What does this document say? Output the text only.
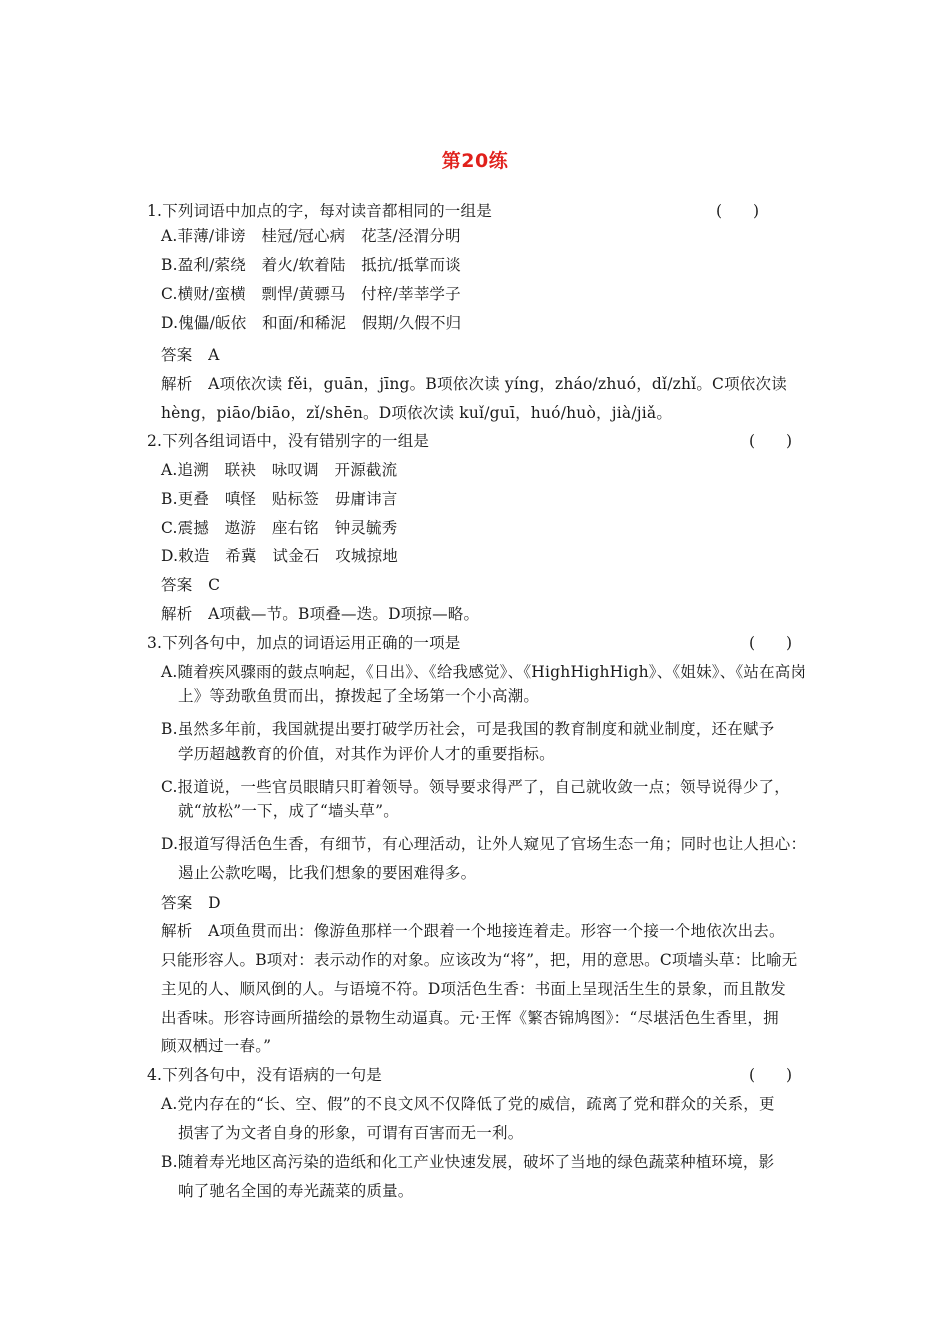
第20练
1.下列词语中加点的字，每对读音都相同的一组是
A.菲薄/诽谤　桂冠/冠心病　花茎/泾渭分明
B.盈利/萦绕　着火/软着陆　抵抗/抵掌而谈
C.横财/蛮横　剽悍/黄骠马　付梓/莘莘学子
D.傀儡/皈依　和面/和稀泥　假期/久假不归
答案　A
解析　A项依次读 fěi，guān，jīng。B项依次读 yíng，zháo/zhuó，dǐ/zhǐ。C项依次读
hèng，piāo/biāo，zǐ/shēn。D项依次读 kuǐ/guī，huó/huò，jià/jiǎ。
2.下列各组词语中，没有错别字的一组是
A.追溯　联袂　咏叹调　开源截流
B.更叠　嗔怪　贴标签　毋庸讳言
C.震撼　遨游　座右铭　钟灵毓秀
D.敕造　希冀　试金石　攻城掠地
答案　C
解析　A项截—节。B项叠—迭。D项掠—略。
3.下列各句中，加点的词语运用正确的一项是
A.随着疾风骤雨的鼓点响起，《日出》、《给我感觉》、《HighHighHigh》、《姐妹》、《站在高岗
上》等劲歌鱼贯而出，撩拨起了全场第一个小高潮。
B.虽然多年前，我国就提出要打破学历社会，可是我国的教育制度和就业制度，还在赋予
学历超越教育的价值，对其作为评价人才的重要指标。
C.报道说，一些官员眼睛只盯着领导。领导要求得严了，自己就收敛一点；领导说得少了，
就“放松”一下，成了“墙头草”。
D.报道写得活色生香，有细节，有心理活动，让外人窥见了官场生态一角；同时也让人担心：
遏止公款吃喝，比我们想象的要困难得多。
答案　D
解析　A项鱼贯而出：像游鱼那样一个跟着一个地接连着走。形容一个接一个地依次出去。
只能形容人。B项对：表示动作的对象。应该改为“将”，把，用的意思。C项墙头草：比喻无
主见的人、顺风倒的人。与语境不符。D项活色生香：书面上呈现活生生的景象，而且散发
出香味。形容诗画所描绘的景物生动逼真。元·王恽《繁杏锦鸠图》：“尽堪活色生香里，拥
顾双栖过一春。”
4.下列各句中，没有语病的一句是
A.党内存在的“长、空、假”的不良文风不仅降低了党的威信，疏离了党和群众的关系，更
损害了为文者自身的形象，可谓有百害而无一利。
B.随着寿光地区高污染的造纸和化工产业快速发展，破坏了当地的绿色蔬菜种植环境，影
响了驰名全国的寿光蔬菜的质量。
(　　)
(　　)
(　　)
(　　)
